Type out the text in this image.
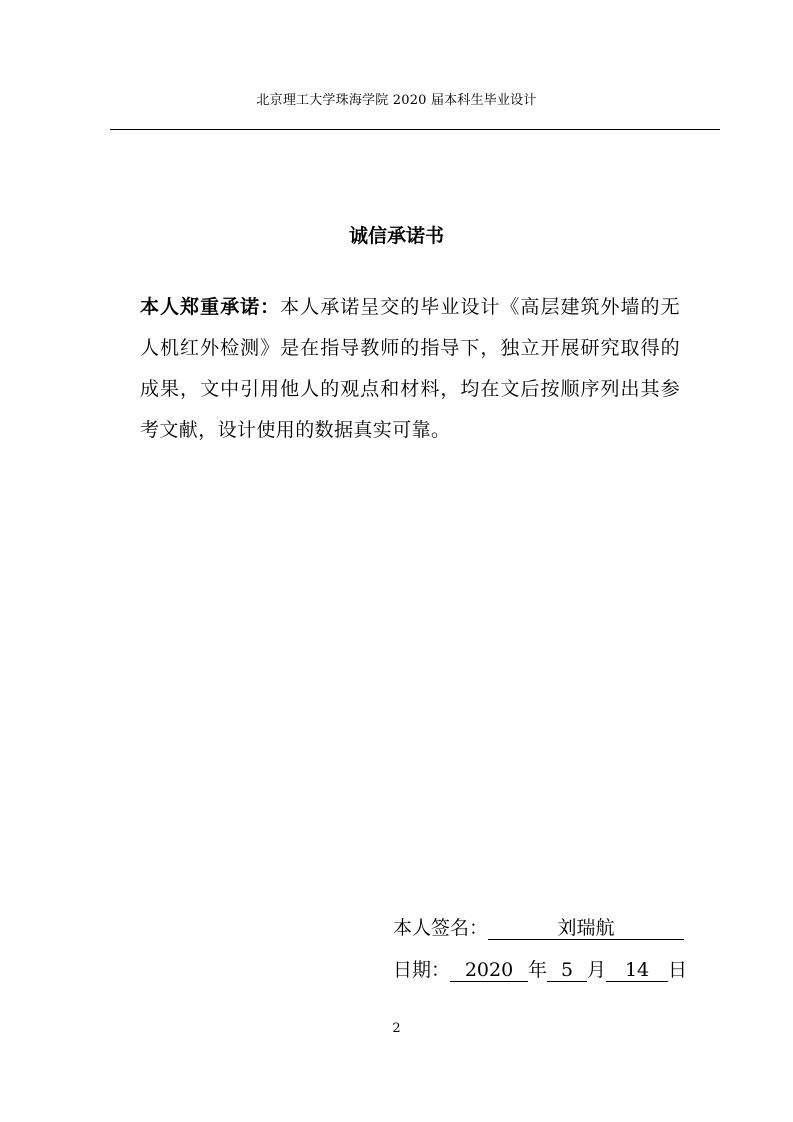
北京理工大学珠海学院 2020 届本科生毕业设计
诚信承诺书
本人郑重承诺：本人承诺呈交的毕业设计《高层建筑外墙的无人机红外检测》是在指导教师的指导下，独立开展研究取得的成果，文中引用他人的观点和材料，均在文后按顺序列出其参考文献，设计使用的数据真实可靠。
本人签名：	刘瑞航
日期： 2020 年 5 月 14 日
2
